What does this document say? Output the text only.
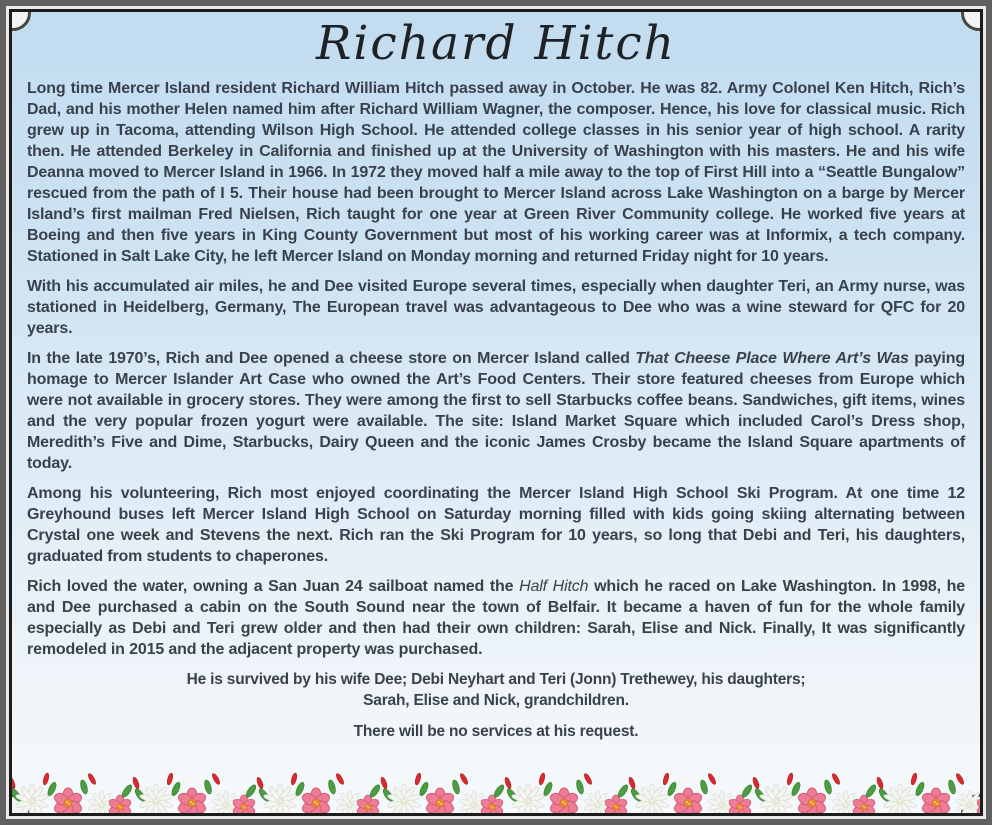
Richard Hitch

Long time Mercer Island resident Richard William Hitch passed away in October. He was 82. Army Colonel Ken Hitch, Rich’s Dad, and his mother Helen named him after Richard William Wagner, the composer. Hence, his love for classical music. Rich grew up in Tacoma, attending Wilson High School. He attended college classes in his senior year of high school. A rarity then. He attended Berkeley in California and finished up at the University of Washington with his masters. He and his wife Deanna moved to Mercer Island in 1966. In 1972 they moved half a mile away to the top of First Hill into a “Seattle Bungalow” rescued from the path of I 5. Their house had been brought to Mercer Island across Lake Washington on a barge by Mercer Island’s first mailman Fred Nielsen, Rich taught for one year at Green River Community college. He worked five years at Boeing and then five years in King County Government but most of his working career was at Informix, a tech company. Stationed in Salt Lake City, he left Mercer Island on Monday morning and returned Friday night for 10 years.

With his accumulated air miles, he and Dee visited Europe several times, especially when daughter Teri, an Army nurse, was stationed in Heidelberg, Germany, The European travel was advantageous to Dee who was a wine steward for QFC for 20 years.

In the late 1970’s, Rich and Dee opened a cheese store on Mercer Island called That Cheese Place Where Art’s Was paying homage to Mercer Islander Art Case who owned the Art’s Food Centers. Their store featured cheeses from Europe which were not available in grocery stores. They were among the first to sell Starbucks coffee beans. Sandwiches, gift items, wines and the very popular frozen yogurt were available. The site: Island Market Square which included Carol’s Dress shop, Meredith’s Five and Dime, Starbucks, Dairy Queen and the iconic James Crosby became the Island Square apartments of today.

Among his volunteering, Rich most enjoyed coordinating the Mercer Island High School Ski Program. At one time 12 Greyhound buses left Mercer Island High School on Saturday morning filled with kids going skiing alternating between Crystal one week and Stevens the next. Rich ran the Ski Program for 10 years, so long that Debi and Teri, his daughters, graduated from students to chaperones.

Rich loved the water, owning a San Juan 24 sailboat named the Half Hitch which he raced on Lake Washington. In 1998, he and Dee purchased a cabin on the South Sound near the town of Belfair. It became a haven of fun for the whole family especially as Debi and Teri grew older and then had their own children: Sarah, Elise and Nick. Finally, It was significantly remodeled in 2015 and the adjacent property was purchased.

He is survived by his wife Dee; Debi Neyhart and Teri (Jonn) Trethewey, his daughters;
Sarah, Elise and Nick, grandchildren.
There will be no services at his request.
